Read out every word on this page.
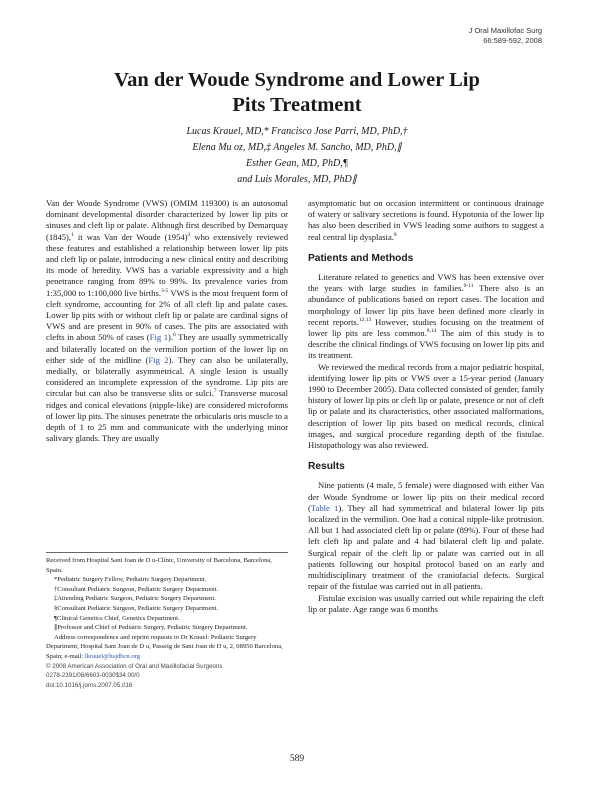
J Oral Maxillofac Surg
66:589-592, 2008
Van der Woude Syndrome and Lower Lip
Pits Treatment
Lucas Krauel, MD,* Francisco Jose Parri, MD, PhD,†
Elena Mu oz, MD,‡ Angeles M. Sancho, MD, PhD,∥
Esther Gean, MD, PhD,¶
and Luis Morales, MD, PhD∥

Van der Woude Syndrome (VWS) (OMIM 119300) is an autosomal dominant developmental disorder characterized by lower lip pits or sinuses and cleft lip or palate. Although first described by Demarquay (1845),$^1$ it was Van der Woude $(1954)^2$ who extensively reviewed these features and established a relationship between lower lip pits and cleft lip or palate, introducing a new clinical entity and describing its mode of heredity. VWS has a variable expressivity and a high penetrance ranging from 89% to 99%. Its prevalence varies from 1:35,000 to 1:100,000 live births.$^{3-5}$ VWS is the most frequent form of cleft syndrome, accounting for 2% of all cleft lip and palate cases. Lower lip pits with or without cleft lip or palate are cardinal signs of VWS and are present in 90% of cases. The pits are associated with clefts in about 50% of cases (Fig 1).$^6$ They are usually symmetrically and bilaterally located on the vermilion portion of the lower lip on either side of the midline (Fig 2). They can also be unilaterally, medially, or bilaterally asymmetrical. A single lesion is usually considered an incomplete expression of the syndrome. Lip pits are circular but can also be transverse slits or sulci.$^7$ Transverse mucosal ridges and conical elevations (nipple-like) are considered microforms of lower lip pits. The sinuses penetrate the orbicularis oris muscle to a depth of 1 to 25 mm and communicate with the underlying minor salivary glands. They are usually

Received from Hospital Sant Joan de D u-Clínic, University of Barcelona, Barcelona, Spain.

*Pediatric Surgery Fellow, Pediatric Surgery Department.

†Consultant Pediatric Surgeon, Pediatric Surgery Department.

‡Attending Pediatric Surgeon, Pediatric Surgery Department.

§Consultant Pediatric Surgeon, Pediatric Surgery Department.

¶Clinical Genetics Chief, Genetics Department.

∥Professor and Chief of Pediatric Surgery, Pediatric Surgery Department.

Address correspondence and reprint requests to Dr Krauel: Pediatric Surgery Department, Hospital Sant Joan de D u, Passeig de Sant Joan de D u, 2, 08950 Barcelona, Spain; e-mail: lkrauel@hsjdbcn.org

© 2008 American Association of Oral and Maxillofacial Surgeons

0278-2391/08/6603-0030$34.00/0

doi:10.1016/j.joms.2007.05.016

asymptomatic but on occasion intermittent or continuous drainage of watery or salivary secretions is found. Hypotonia of the lower lip has also been described in VWS leading some authors to suggest a real central lip dysplasia.$^8$

Patients and Methods

Literature related to genetics and VWS has been extensive over the years with large studies in families.$^{9-11}$ There also is an abundance of publications based on report cases. The location and morphology of lower lip pits have been defined more clearly in recent reports.$^{12,13}$ However, studies focusing on the treatment of lower lip pits are less common.$^{8,14}$ The aim of this study is to describe the clinical findings of VWS focusing on lower lip pits and its treatment.

We reviewed the medical records from a major pediatric hospital, identifying lower lip pits or VWS over a 15-year period (January 1990 to December 2005). Data collected consisted of gender, family history of lower lip pits or cleft lip or palate, presence or not of cleft lip or palate and its characteristics, other associated malformations, description of lower lip pits based on medical records, clinical images, and surgical procedure regarding depth of the fistulae. Histopathology was also reviewed.

Results

Nine patients (4 male, 5 female) were diagnosed with either Van der Woude Syndrome or lower lip pits on their medical record (Table 1). They all had symmetrical and bilateral lower lip pits localized in the vermilion. One had a conical nipple-like protrusion. All but 1 had associated cleft lip or palate (89%). Four of these had left cleft lip and palate and 4 had bilateral cleft lip and palate. Surgical repair of the cleft lip or palate was carried out in all patients following our hospital protocol based on an early and multidisciplinary treatment of the craniofacial defects. Surgical repair of the fistulae was carried out in all patients.

Fistulae excision was usually carried out while repairing the cleft lip or palate. Age range was 6 months

589
